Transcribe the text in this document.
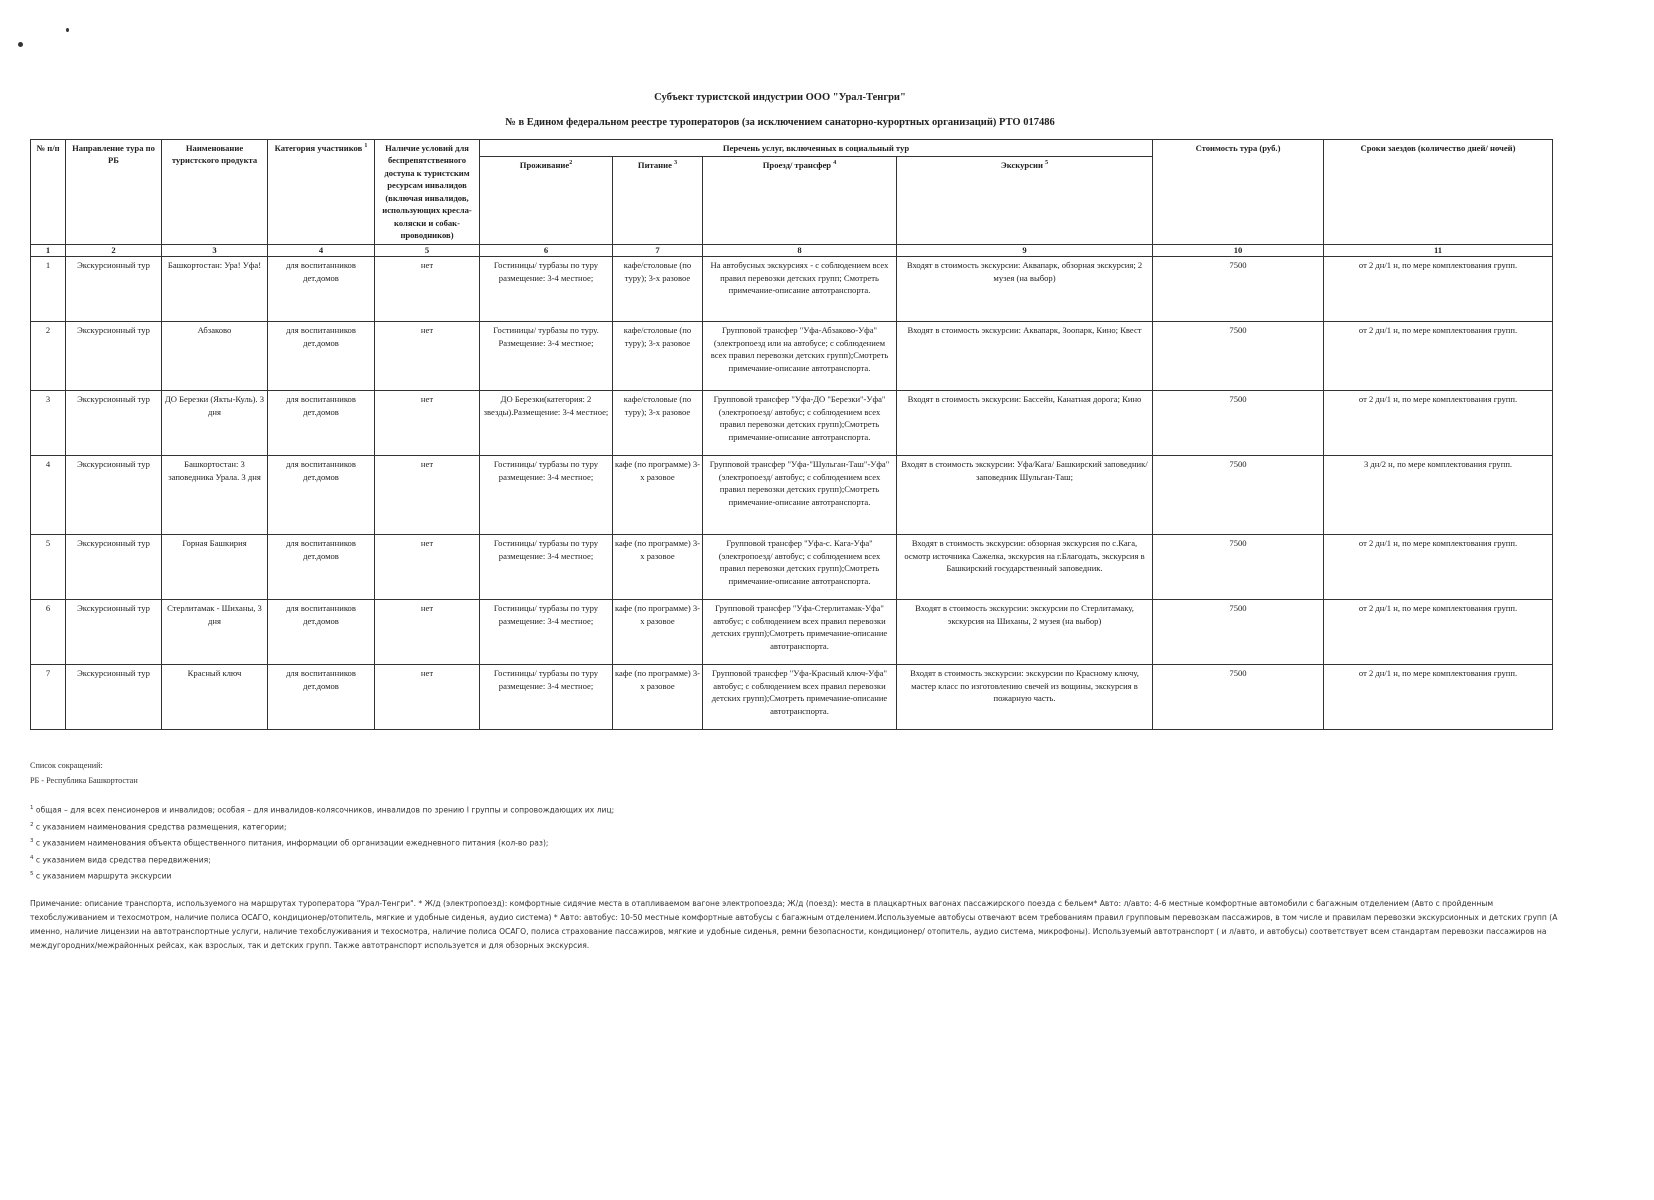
Субъект туристской индустрии ООО "Урал-Тенгри"
№ в Едином федеральном реестре туроператоров (за исключением санаторно-курортных организаций) РТО 017486
№ п/п	Направление тура по РБ	Наименование туристского продукта	Категория участников $^1$	Наличие условий для беспрепятственного доступа к туристским ресурсам инвалидов (включая инвалидов, использующих кресла-коляски и собак-проводников)	Перечень услуг, включенных в социальный тур				Стоимость тура (руб.)	Сроки заездов (количество дней/ ночей)
					Проживание$^2$	Питание $^3$	Проезд/ трансфер $^4$	Экскурсии $^5$
1	2	3	4	5	6	7	8	9	10	11
1	Экскурсионный тур	Башкортостан: Ура! Уфа!	для воспитанников дет.домов	нет	Гостиницы/ турбазы по туру размещение: 3-4 местное;	кафе/столовые (по туру); 3-х разовое	На автобусных экскурсиях - с соблюдением всех правил перевозки детских групп; Смотреть примечание-описание автотранспорта.	Входят в стоимость экскурсии: Аквапарк, обзорная экскурсия; 2 музея (на выбор)	7500	от 2 дн/1 н, по мере комплектования групп.
2	Экскурсионный тур	Абзаково	для воспитанников дет.домов	нет	Гостиницы/ турбазы по туру. Размещение: 3-4 местное;	кафе/столовые (по туру); 3-х разовое	Групповой трансфер "Уфа-Абзаково-Уфа" (электропоезд или на автобусе; с соблюдением всех правил перевозки детских групп);Смотреть примечание-описание автотранспорта.	Входят в стоимость экскурсии: Аквапарк, Зоопарк, Кино; Квест	7500	от 2 дн/1 н, по мере комплектования групп.
3	Экскурсионный тур	ДО Березки (Якты-Куль). 3 дня	для воспитанников дет.домов	нет	ДО Березки(категория: 2 звезды).Размещение: 3-4 местное;	кафе/столовые (по туру); 3-х разовое	Групповой трансфер "Уфа-ДО "Березки"-Уфа" (электропоезд/ автобус; с соблюдением всех правил перевозки детских групп);Смотреть примечание-описание автотранспорта.	Входят в стоимость экскурсии: Бассейн, Канатная дорога; Кино	7500	от 2 дн/1 н, по мере комплектования групп.
4	Экскурсионный тур	Башкортостан: 3 заповедника Урала. 3 дня	для воспитанников дет.домов	нет	Гостиницы/ турбазы по туру размещение: 3-4 местное;	кафе (по программе) 3-х разовое	Групповой трансфер "Уфа-"Шульган-Таш"-Уфа" (электропоезд/ автобус; с соблюдением всех правил перевозки детских групп);Смотреть примечание-описание автотранспорта.	Входят в стоимость экскурсии: Уфа/Кага/ Башкирский заповедник/заповедник Шульган-Таш;	7500	3 дн/2 н, по мере комплектования групп.
5	Экскурсионный тур	Горная Башкирия	для воспитанников дет.домов	нет	Гостиницы/ турбазы по туру размещение: 3-4 местное;	кафе (по программе) 3-х разовое	Групповой трансфер "Уфа-с. Кага-Уфа" (электропоезд/ автобус; с соблюдением всех правил перевозки детских групп);Смотреть примечание-описание автотранспорта.	Входят в стоимость экскурсии: обзорная экскурсия по с.Кага, осмотр источника Сажелка, экскурсия на г.Благодать, экскурсия в Башкирский государственный заповедник.	7500	от 2 дн/1 н, по мере комплектования групп.
6	Экскурсионный тур	Стерлитамак - Шиханы, 3 дня	для воспитанников дет.домов	нет	Гостиницы/ турбазы по туру размещение: 3-4 местное;	кафе (по программе) 3-х разовое	Групповой трансфер "Уфа-Стерлитамак-Уфа" автобус; с соблюдением всех правил перевозки детских групп);Смотреть примечание-описание автотранспорта.	Входят в стоимость экскурсии: экскурсии по Стерлитамаку, экскурсия на Шиханы, 2 музея (на выбор)	7500	от 2 дн/1 н, по мере комплектования групп.
7	Экскурсионный тур	Красный ключ	для воспитанников дет.домов	нет	Гостиницы/ турбазы по туру размещение: 3-4 местное;	кафе (по программе) 3-х разовое	Групповой трансфер "Уфа-Красный ключ-Уфа" автобус; с соблюдением всех правил перевозки детских групп);Смотреть примечание-описание автотранспорта.	Входят в стоимость экскурсии: экскурсии по Красному ключу, мастер класс по изготовлению свечей из вощины, экскурсия в пожарную часть.	7500	от 2 дн/1 н, по мере комплектования групп.
Список сокращений:
РБ - Республика Башкортостан
$^1$ общая – для всех пенсионеров и инвалидов; особая – для инвалидов-колясочников, инвалидов по зрению I группы и сопровождающих их лиц;
$^2$ с указанием наименования средства размещения, категории;
$^3$ с указанием наименования объекта общественного питания, информации об организации ежедневного питания (кол-во раз);
$^4$ с указанием вида средства передвижения;
$^5$ с указанием маршрута экскурсии
Примечание: описание транспорта, используемого на маршрутах туроператора "Урал-Тенгри". * Ж/д (электропоезд): комфортные сидячие места в отапливаемом вагоне электропоезда; Ж/д (поезд): места в плацкартных вагонах пассажирского поезда с бельем* Авто: л/авто: 4-6 местные комфортные автомобили с багажным отделением (Авто с пройденным техобслуживанием и техосмотром, наличие полиса ОСАГО, кондиционер/отопитель, мягкие и удобные сиденья, аудио система) * Авто: автобус: 10-50 местные комфортные автобусы с багажным отделением.Используемые автобусы отвечают всем требованиям правил групповым перевозкам пассажиров, в том числе и правилам перевозки экскурсионных и детских групп (А именно, наличие лицензии на автотранспортные услуги, наличие техобслуживания и техосмотра, наличие полиса ОСАГО, полиса страхование пассажиров, мягкие и удобные сиденья, ремни безопасности, кондиционер/ отопитель, аудио система, микрофоны). Используемый автотранспорт ( и л/авто, и автобусы) соответствует всем стандартам перевозки пассажиров на междугородних/межрайонных рейсах, как взрослых, так и детских групп. Также автотранспорт используется и для обзорных экскурсия.
